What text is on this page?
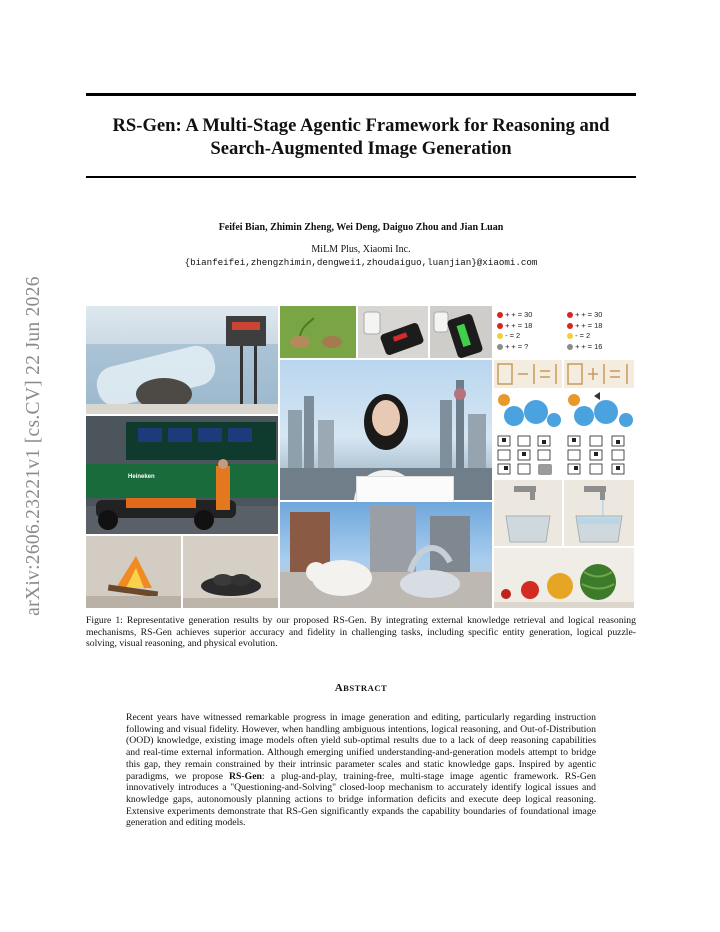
arXiv:2606.23221v1 [cs.CV] 22 Jun 2026
RS-Gen: A Multi-Stage Agentic Framework for Reasoning and
Search-Augmented Image Generation
Feifei Bian, Zhimin Zheng, Wei Deng, Daiguo Zhou and Jian Luan
MiLM Plus, Xiaomi Inc.
{bianfeifei,zhengzhimin,dengwei1,zhoudaiguo,luanjian}@xiaomi.com
+ + = 30
+ + = 18
- = 2
+ + = ?
+ + = 30
+ + = 18
- = 2
+ + = 16
Heineken

Figure 1: Representative generation results by our proposed RS-Gen. By integrating external knowledge retrieval and logical reasoning mechanisms, RS-Gen achieves superior accuracy and fidelity in challenging tasks, including specific entity generation, logical puzzle-solving, visual reasoning, and physical evolution.

ABSTRACT

Recent years have witnessed remarkable progress in image generation and editing, particularly regarding instruction following and visual fidelity. However, when handling ambiguous intentions, logical reasoning, and Out-of-Distribution (OOD) knowledge, existing image models often yield sub-optimal results due to a lack of deep reasoning capabilities and real-time external information. Although emerging unified understanding-and-generation models attempt to bridge this gap, they remain constrained by their intrinsic parameter scales and static knowledge gaps. Inspired by agentic paradigms, we propose RS-Gen: a plug-and-play, training-free, multi-stage image agentic framework. RS-Gen innovatively introduces a "Questioning-and-Solving" closed-loop mechanism to accurately identify logical issues and knowledge gaps, autonomously planning actions to bridge information deficits and execute deep logical reasoning. Extensive experiments demonstrate that RS-Gen significantly expands the capability boundaries of foundational image generation and editing models.
